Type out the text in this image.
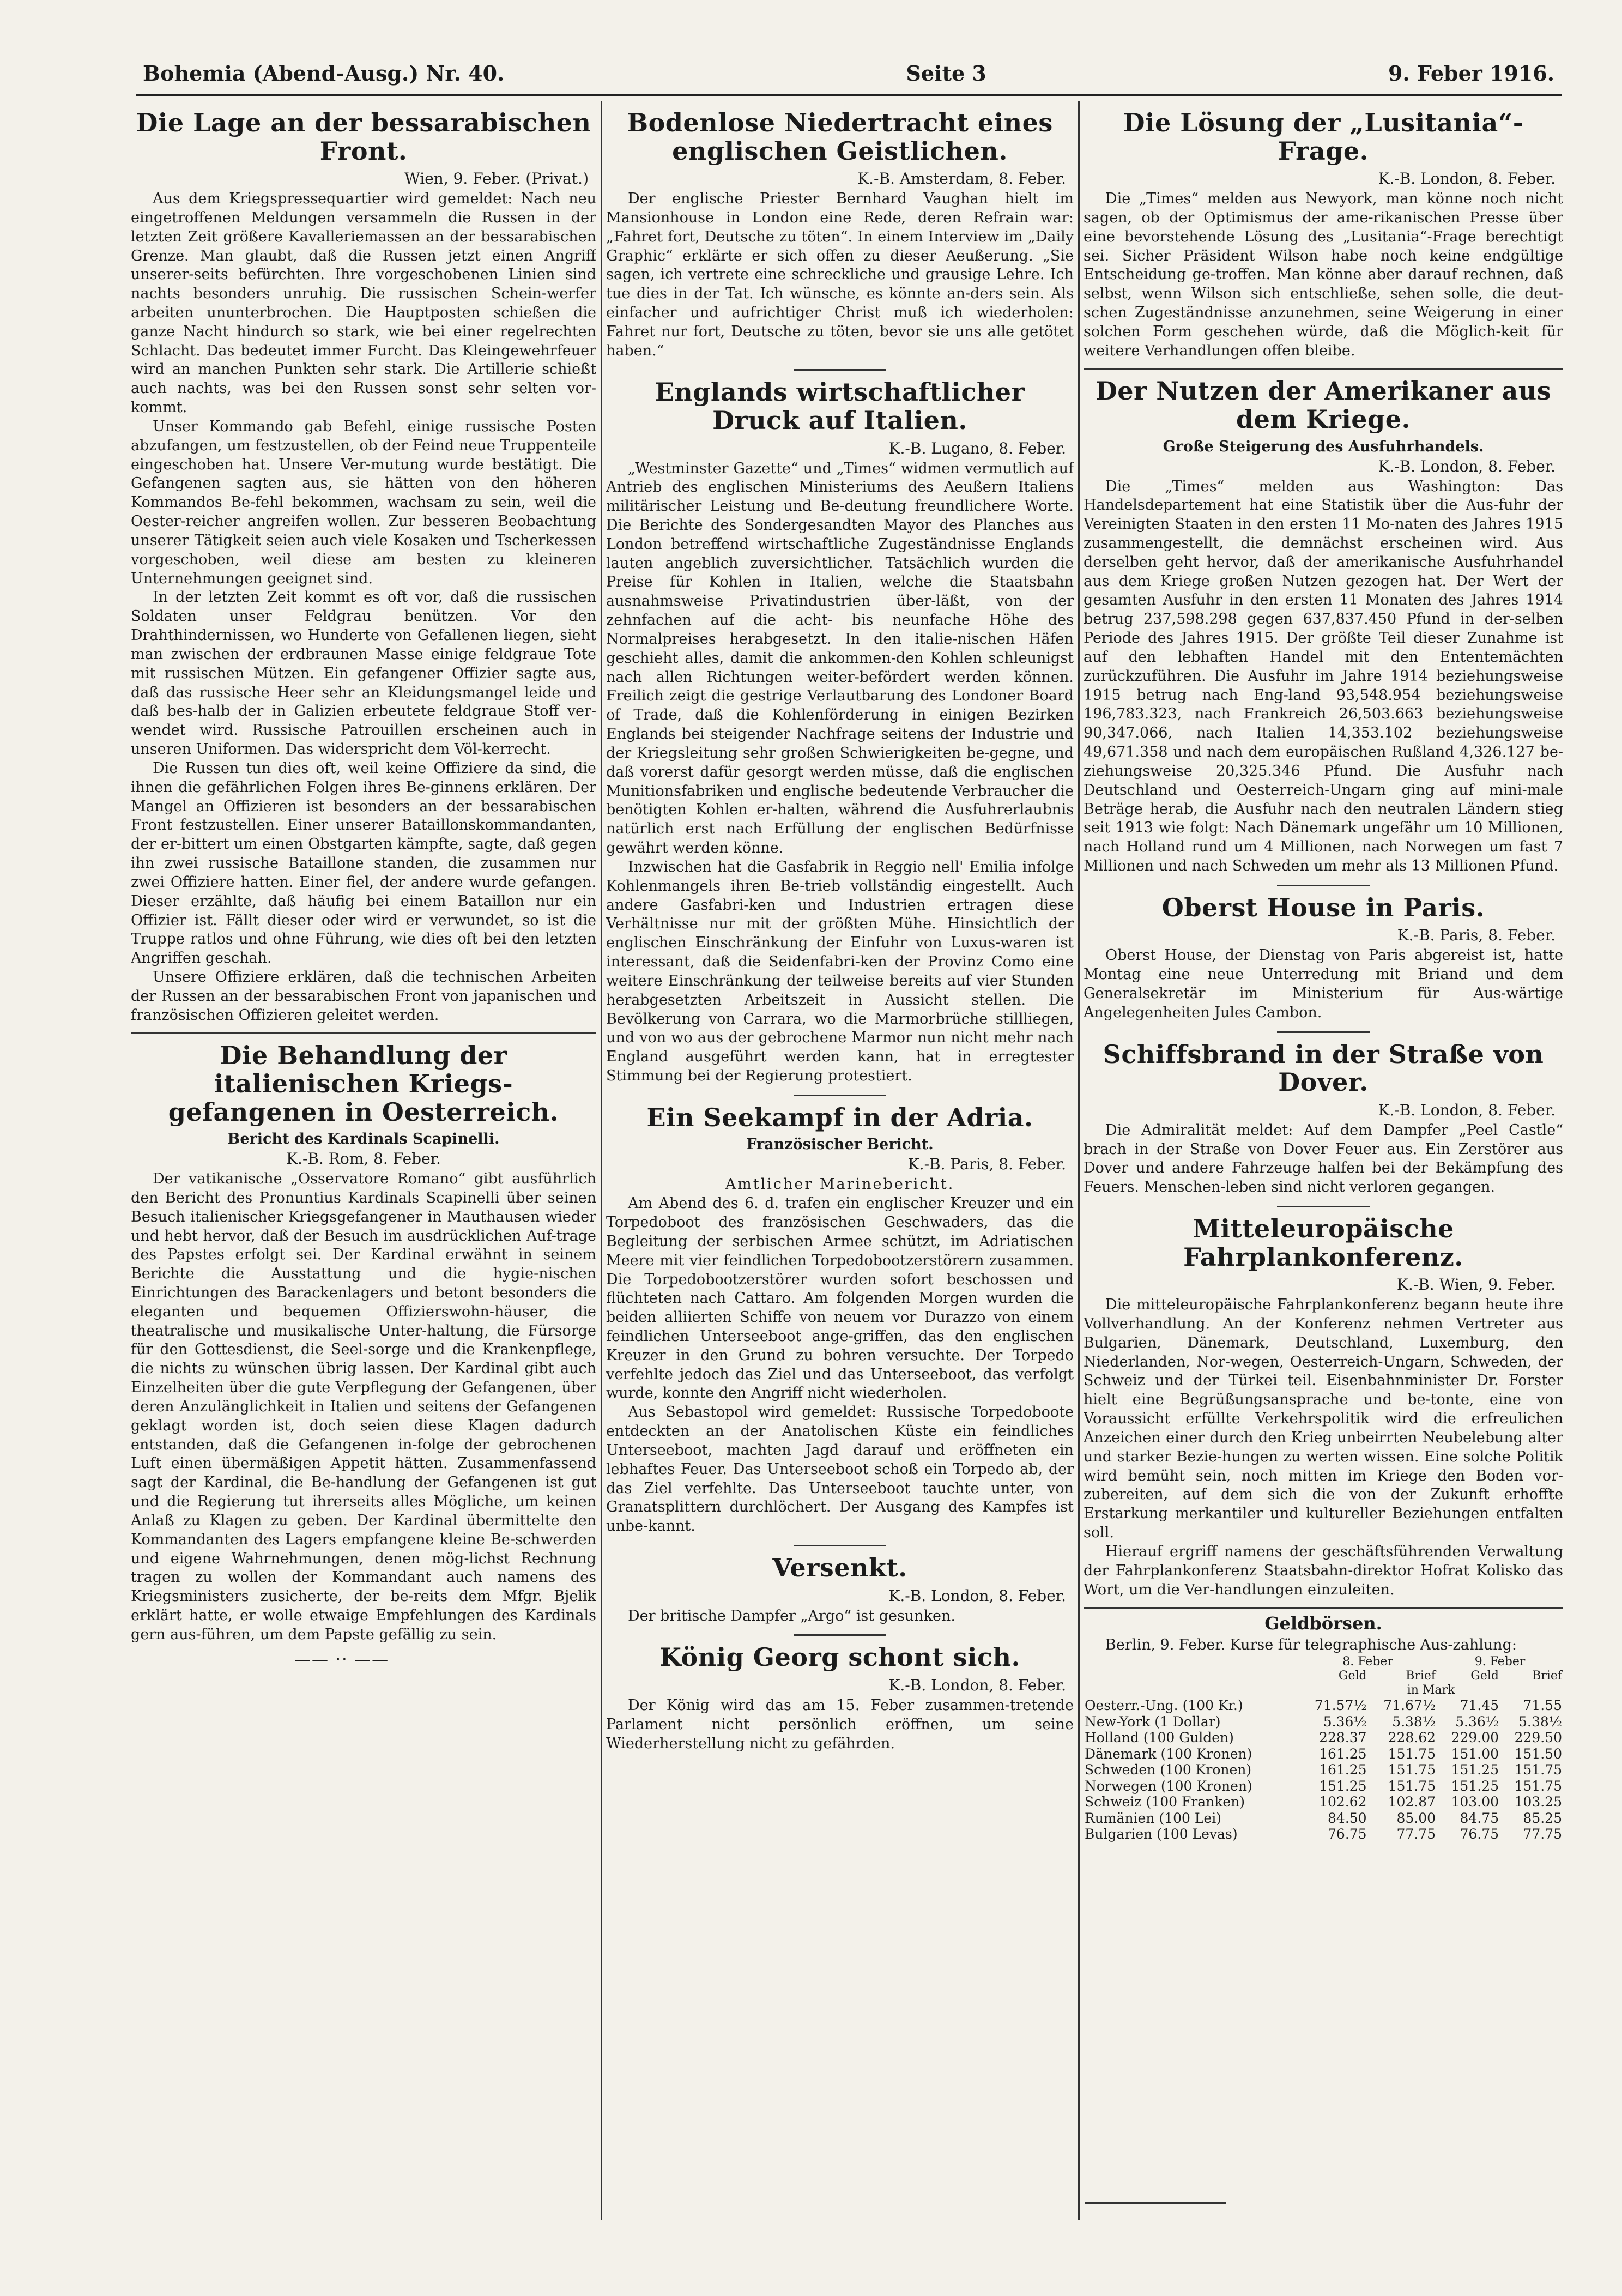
Bohemia (Abend-Ausg.) Nr. 40.	Seite 3	9. Feber 1916.
Die Lage an der bessarabischen Front.
Wien, 9. Feber. (Privat.)

Aus dem Kriegspressequartier wird gemeldet: Nach neu eingetroffenen Meldungen versammeln die Russen in der letzten Zeit größere Kavalleriemassen an der bessarabischen Grenze. Man glaubt, daß die Russen jetzt einen Angriff unserer-seits befürchten. Ihre vorgeschobenen Linien sind nachts besonders unruhig. Die russischen Schein-werfer arbeiten ununterbrochen. Die Hauptposten schießen die ganze Nacht hindurch so stark, wie bei einer regelrechten Schlacht. Das bedeutet immer Furcht. Das Kleingewehrfeuer wird an manchen Punkten sehr stark. Die Artillerie schießt auch nachts, was bei den Russen sonst sehr selten vor-kommt.

Unser Kommando gab Befehl, einige russische Posten abzufangen, um festzustellen, ob der Feind neue Truppenteile eingeschoben hat. Unsere Ver-mutung wurde bestätigt. Die Gefangenen sagten aus, sie hätten von den höheren Kommandos Be-fehl bekommen, wachsam zu sein, weil die Oester-reicher angreifen wollen. Zur besseren Beobachtung unserer Tätigkeit seien auch viele Kosaken und Tscherkessen vorgeschoben, weil diese am besten zu kleineren Unternehmungen geeignet sind.

In der letzten Zeit kommt es oft vor, daß die russischen Soldaten unser Feldgrau benützen. Vor den Drahthindernissen, wo Hunderte von Gefallenen liegen, sieht man zwischen der erdbraunen Masse einige feldgraue Tote mit russischen Mützen. Ein gefangener Offizier sagte aus, daß das russische Heer sehr an Kleidungsmangel leide und daß bes-halb der in Galizien erbeutete feldgraue Stoff ver-wendet wird. Russische Patrouillen erscheinen auch in unseren Uniformen. Das widerspricht dem Völ-kerrecht.

Die Russen tun dies oft, weil keine Offiziere da sind, die ihnen die gefährlichen Folgen ihres Be-ginnens erklären. Der Mangel an Offizieren ist besonders an der bessarabischen Front festzustellen. Einer unserer Bataillonskommandanten, der er-bittert um einen Obstgarten kämpfte, sagte, daß gegen ihn zwei russische Bataillone standen, die zusammen nur zwei Offiziere hatten. Einer fiel, der andere wurde gefangen. Dieser erzählte, daß häufig bei einem Bataillon nur ein Offizier ist. Fällt dieser oder wird er verwundet, so ist die Truppe ratlos und ohne Führung, wie dies oft bei den letzten Angriffen geschah.

Unsere Offiziere erklären, daß die technischen Arbeiten der Russen an der bessarabischen Front von japanischen und französischen Offizieren geleitet werden.

Die Behandlung der italienischen Kriegs-gefangenen in Oesterreich.
Bericht des Kardinals Scapinelli.
K.-B. Rom, 8. Feber.

Der vatikanische „Osservatore Romano“ gibt ausführlich den Bericht des Pronuntius Kardinals Scapinelli über seinen Besuch italienischer Kriegsgefangener in Mauthausen wieder und hebt hervor, daß der Besuch im ausdrücklichen Auf-trage des Papstes erfolgt sei. Der Kardinal erwähnt in seinem Berichte die Ausstattung und die hygie-nischen Einrichtungen des Barackenlagers und betont besonders die eleganten und bequemen Offizierswohn-häuser, die theatralische und musikalische Unter-haltung, die Fürsorge für den Gottesdienst, die Seel-sorge und die Krankenpflege, die nichts zu wünschen übrig lassen. Der Kardinal gibt auch Einzelheiten über die gute Verpflegung der Gefangenen, über deren Anzulänglichkeit in Italien und seitens der Gefangenen geklagt worden ist, doch seien diese Klagen dadurch entstanden, daß die Gefangenen in-folge der gebrochenen Luft einen übermäßigen Appetit hätten. Zusammenfassend sagt der Kardinal, die Be-handlung der Gefangenen ist gut und die Regierung tut ihrerseits alles Mögliche, um keinen Anlaß zu Klagen zu geben. Der Kardinal übermittelte den Kommandanten des Lagers empfangene kleine Be-schwerden und eigene Wahrnehmungen, denen mög-lichst Rechnung tragen zu wollen der Kommandant auch namens des Kriegsministers zusicherte, der be-reits dem Mfgr. Bjelik erklärt hatte, er wolle etwaige Empfehlungen des Kardinals gern aus-führen, um dem Papste gefällig zu sein.

—— ·· ——
Bodenlose Niedertracht eines englischen Geistlichen.
K.-B. Amsterdam, 8. Feber.

Der englische Priester Bernhard Vaughan hielt im Mansionhouse in London eine Rede, deren Refrain war: „Fahret fort, Deutsche zu töten“. In einem Interview im „Daily Graphic“ erklärte er sich offen zu dieser Aeußerung. „Sie sagen, ich vertrete eine schreckliche und grausige Lehre. Ich tue dies in der Tat. Ich wünsche, es könnte an-ders sein. Als einfacher und aufrichtiger Christ muß ich wiederholen: Fahret nur fort, Deutsche zu töten, bevor sie uns alle getötet haben.“

Englands wirtschaftlicher Druck auf Italien.
K.-B. Lugano, 8. Feber.

„Westminster Gazette“ und „Times“ widmen vermutlich auf Antrieb des englischen Ministeriums des Aeußern Italiens militärischer Leistung und Be-deutung freundlichere Worte. Die Berichte des Sondergesandten Mayor des Planches aus London betreffend wirtschaftliche Zugeständnisse Englands lauten angeblich zuversichtlicher. Tatsächlich wurden die Preise für Kohlen in Italien, welche die Staatsbahn ausnahmsweise Privatindustrien über-läßt, von der zehnfachen auf die acht- bis neunfache Höhe des Normalpreises herabgesetzt. In den italie-nischen Häfen geschieht alles, damit die ankommen-den Kohlen schleunigst nach allen Richtungen weiter-befördert werden können. Freilich zeigt die gestrige Verlautbarung des Londoner Board of Trade, daß die Kohlenförderung in einigen Bezirken Englands bei steigender Nachfrage seitens der Industrie und der Kriegsleitung sehr großen Schwierigkeiten be-gegne, und daß vorerst dafür gesorgt werden müsse, daß die englischen Munitionsfabriken und englische bedeutende Verbraucher die benötigten Kohlen er-halten, während die Ausfuhrerlaubnis natürlich erst nach Erfüllung der englischen Bedürfnisse gewährt werden könne.

Inzwischen hat die Gasfabrik in Reggio nell' Emilia infolge Kohlenmangels ihren Be-trieb vollständig eingestellt. Auch andere Gasfabri-ken und Industrien ertragen diese Verhältnisse nur mit der größten Mühe. Hinsichtlich der englischen Einschränkung der Einfuhr von Luxus-waren ist interessant, daß die Seidenfabri-ken der Provinz Como eine weitere Einschränkung der teilweise bereits auf vier Stunden herabgesetzten Arbeitszeit in Aussicht stellen. Die Bevölkerung von Carrara, wo die Marmorbrüche stillliegen, und von wo aus der gebrochene Marmor nun nicht mehr nach England ausgeführt werden kann, hat in erregtester Stimmung bei der Regierung protestiert.

Ein Seekampf in der Adria.
Französischer Bericht.
K.-B. Paris, 8. Feber.

Amtlicher Marinebericht.

Am Abend des 6. d. trafen ein englischer Kreuzer und ein Torpedoboot des französischen Geschwaders, das die Begleitung der serbischen Armee schützt, im Adriatischen Meere mit vier feindlichen Torpedobootzerstörern zusammen. Die Torpedobootzerstörer wurden sofort beschossen und flüchteten nach Cattaro. Am folgenden Morgen wurden die beiden alliierten Schiffe von neuem vor Durazzo von einem feindlichen Unterseeboot ange-griffen, das den englischen Kreuzer in den Grund zu bohren versuchte. Der Torpedo verfehlte jedoch das Ziel und das Unterseeboot, das verfolgt wurde, konnte den Angriff nicht wiederholen.

Aus Sebastopol wird gemeldet: Russische Torpedoboote entdeckten an der Anatolischen Küste ein feindliches Unterseeboot, machten Jagd darauf und eröffneten ein lebhaftes Feuer. Das Unterseeboot schoß ein Torpedo ab, der das Ziel verfehlte. Das Unterseeboot tauchte unter, von Granatsplittern durchlöchert. Der Ausgang des Kampfes ist unbe-kannt.

Versenkt.
K.-B. London, 8. Feber.

Der britische Dampfer „Argo“ ist gesunken.

König Georg schont sich.
K.-B. London, 8. Feber.

Der König wird das am 15. Feber zusammen-tretende Parlament nicht persönlich eröffnen, um seine Wiederherstellung nicht zu gefährden.

Die Lösung der „Lusitania“-Frage.
K.-B. London, 8. Feber.

Die „Times“ melden aus Newyork, man könne noch nicht sagen, ob der Optimismus der ame-rikanischen Presse über eine bevorstehende Lösung des „Lusitania“-Frage berechtigt sei. Sicher Präsident Wilson habe noch keine endgültige Entscheidung ge-troffen. Man könne aber darauf rechnen, daß selbst, wenn Wilson sich entschließe, sehen solle, die deut-schen Zugeständnisse anzunehmen, seine Weigerung in einer solchen Form geschehen würde, daß die Möglich-keit für weitere Verhandlungen offen bleibe.

Der Nutzen der Amerikaner aus dem Kriege.
Große Steigerung des Ausfuhrhandels.
K.-B. London, 8. Feber.

Die „Times“ melden aus Washington: Das Handelsdepartement hat eine Statistik über die Aus-fuhr der Vereinigten Staaten in den ersten 11 Mo-naten des Jahres 1915 zusammengestellt, die demnächst erscheinen wird. Aus derselben geht hervor, daß der amerikanische Ausfuhrhandel aus dem Kriege großen Nutzen gezogen hat. Der Wert der gesamten Ausfuhr in den ersten 11 Monaten des Jahres 1914 betrug 237,598.298 gegen 637,837.450 Pfund in der-selben Periode des Jahres 1915. Der größte Teil dieser Zunahme ist auf den lebhaften Handel mit den Ententemächten zurückzuführen. Die Ausfuhr im Jahre 1914 beziehungsweise 1915 betrug nach Eng-land 93,548.954 beziehungsweise 196,783.323, nach Frankreich 26,503.663 beziehungsweise 90,347.066, nach Italien 14,353.102 beziehungsweise 49,671.358 und nach dem europäischen Rußland 4,326.127 be-ziehungsweise 20,325.346 Pfund. Die Ausfuhr nach Deutschland und Oesterreich-Ungarn ging auf mini-male Beträge herab, die Ausfuhr nach den neutralen Ländern stieg seit 1913 wie folgt: Nach Dänemark ungefähr um 10 Millionen, nach Holland rund um 4 Millionen, nach Norwegen um fast 7 Millionen und nach Schweden um mehr als 13 Millionen Pfund.

Oberst House in Paris.
K.-B. Paris, 8. Feber.

Oberst House, der Dienstag von Paris abgereist ist, hatte Montag eine neue Unterredung mit Briand und dem Generalsekretär im Ministerium für Aus-wärtige Angelegenheiten Jules Cambon.

Schiffsbrand in der Straße von Dover.
K.-B. London, 8. Feber.

Die Admiralität meldet: Auf dem Dampfer „Peel Castle“ brach in der Straße von Dover Feuer aus. Ein Zerstörer aus Dover und andere Fahrzeuge halfen bei der Bekämpfung des Feuers. Menschen-leben sind nicht verloren gegangen.

Mitteleuropäische Fahrplankonferenz.
K.-B. Wien, 9. Feber.

Die mitteleuropäische Fahrplankonferenz begann heute ihre Vollverhandlung. An der Konferenz nehmen Vertreter aus Bulgarien, Dänemark, Deutschland, Luxemburg, den Niederlanden, Nor-wegen, Oesterreich-Ungarn, Schweden, der Schweiz und der Türkei teil. Eisenbahnminister Dr. Forster hielt eine Begrüßungsansprache und be-tonte, eine von Voraussicht erfüllte Verkehrspolitik wird die erfreulichen Anzeichen einer durch den Krieg unbeirrten Neubelebung alter und starker Bezie-hungen zu werten wissen. Eine solche Politik wird bemüht sein, noch mitten im Kriege den Boden vor-zubereiten, auf dem sich die von der Zukunft erhoffte Erstarkung merkantiler und kultureller Beziehungen entfalten soll.

Hierauf ergriff namens der geschäftsführenden Verwaltung der Fahrplankonferenz Staatsbahn-direktor Hofrat Kolisko das Wort, um die Ver-handlungen einzuleiten.

Geldbörsen.

Berlin, 9. Feber. Kurse für telegraphische Aus-zahlung:

	8. Feber		9. Feber	
	Geld	Brief	Geld	Brief
	in Mark			
Oesterr.-Ung. (100 Kr.)	71.57½	71.67½	71.45	71.55
New-York (1 Dollar)	5.36½	5.38½	5.36½	5.38½
Holland (100 Gulden)	228.37	228.62	229.00	229.50
Dänemark (100 Kronen)	161.25	151.75	151.00	151.50
Schweden (100 Kronen)	161.25	151.75	151.25	151.75
Norwegen (100 Kronen)	151.25	151.75	151.25	151.75
Schweiz (100 Franken)	102.62	102.87	103.00	103.25
Rumänien (100 Lei)	84.50	85.00	84.75	85.25
Bulgarien (100 Levas)	76.75	77.75	76.75	77.75
